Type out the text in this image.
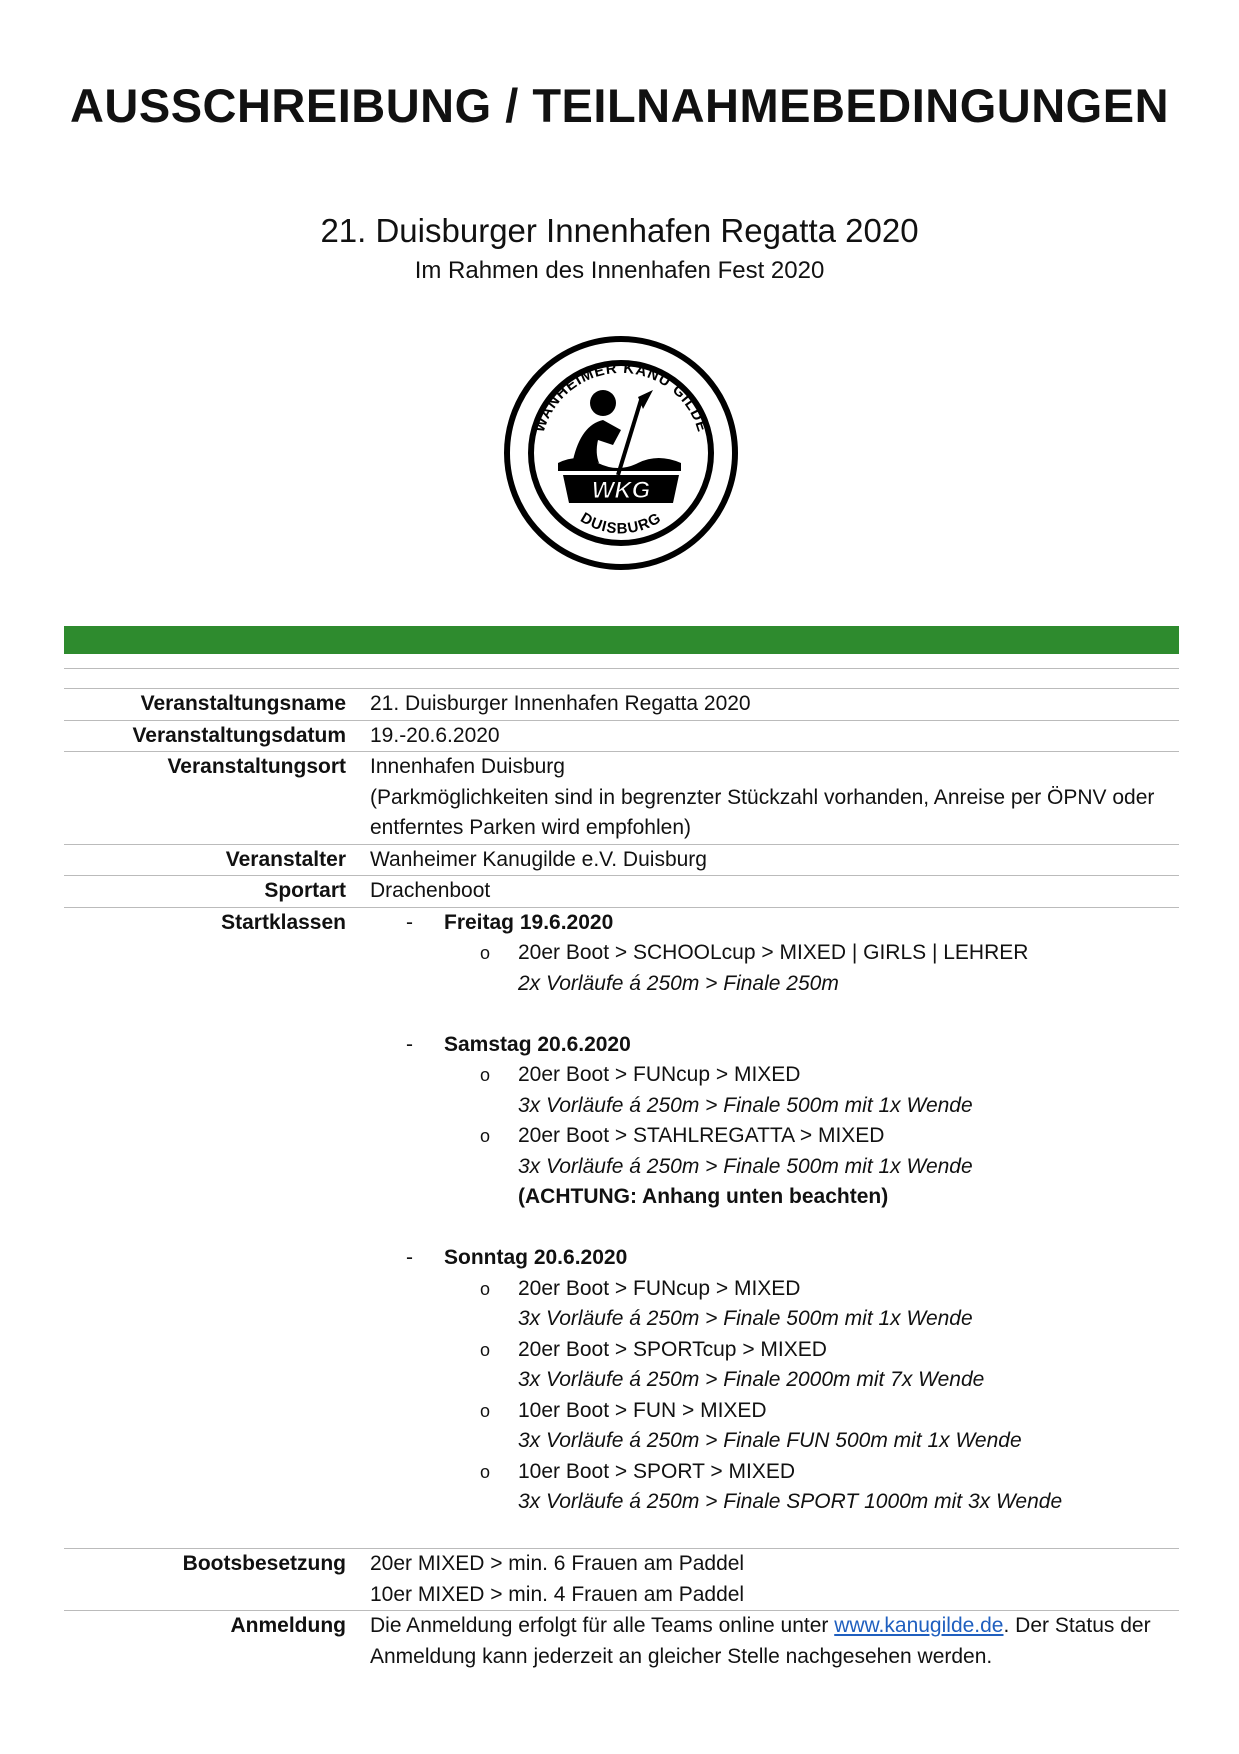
AUSSCHREIBUNG / TEILNAHMEBEDINGUNGEN
21. Duisburger Innenhafen Regatta 2020
Im Rahmen des Innenhafen Fest 2020
WANHEIMER KANU GILDE
DUISBURG
WKG
Veranstaltungsname	21. Duisburger Innenhafen Regatta 2020
Veranstaltungsdatum	19.-20.6.2020
Veranstaltungsort	Innenhafen Duisburg
(Parkmöglichkeiten sind in begrenzter Stückzahl vorhanden, Anreise per ÖPNV oder entferntes Parken wird empfohlen)
Veranstalter	Wanheimer Kanugilde e.V. Duisburg
Sportart	Drachenboot
Startklassen	-	Freitag 19.6.2020
o	20er Boot > SCHOOLcup > MIXED | GIRLS | LEHRER
2x Vorläufe á 250m > Finale 250m
-	Samstag 20.6.2020
o	20er Boot > FUNcup > MIXED
3x Vorläufe á 250m > Finale 500m mit 1x Wende
o	20er Boot > STAHLREGATTA > MIXED
3x Vorläufe á 250m > Finale 500m mit 1x Wende
(ACHTUNG: Anhang unten beachten)
-	Sonntag 20.6.2020
o	20er Boot > FUNcup > MIXED
3x Vorläufe á 250m > Finale 500m mit 1x Wende
o	20er Boot > SPORTcup > MIXED
3x Vorläufe á 250m > Finale 2000m mit 7x Wende
o	10er Boot > FUN > MIXED
3x Vorläufe á 250m > Finale FUN 500m mit 1x Wende
o	10er Boot > SPORT > MIXED
3x Vorläufe á 250m > Finale SPORT 1000m mit 3x Wende
Bootsbesetzung	20er MIXED > min. 6 Frauen am Paddel
10er MIXED > min. 4 Frauen am Paddel
Anmeldung	Die Anmeldung erfolgt für alle Teams online unter www.kanugilde.de. Der Status der Anmeldung kann jederzeit an gleicher Stelle nachgesehen werden.
